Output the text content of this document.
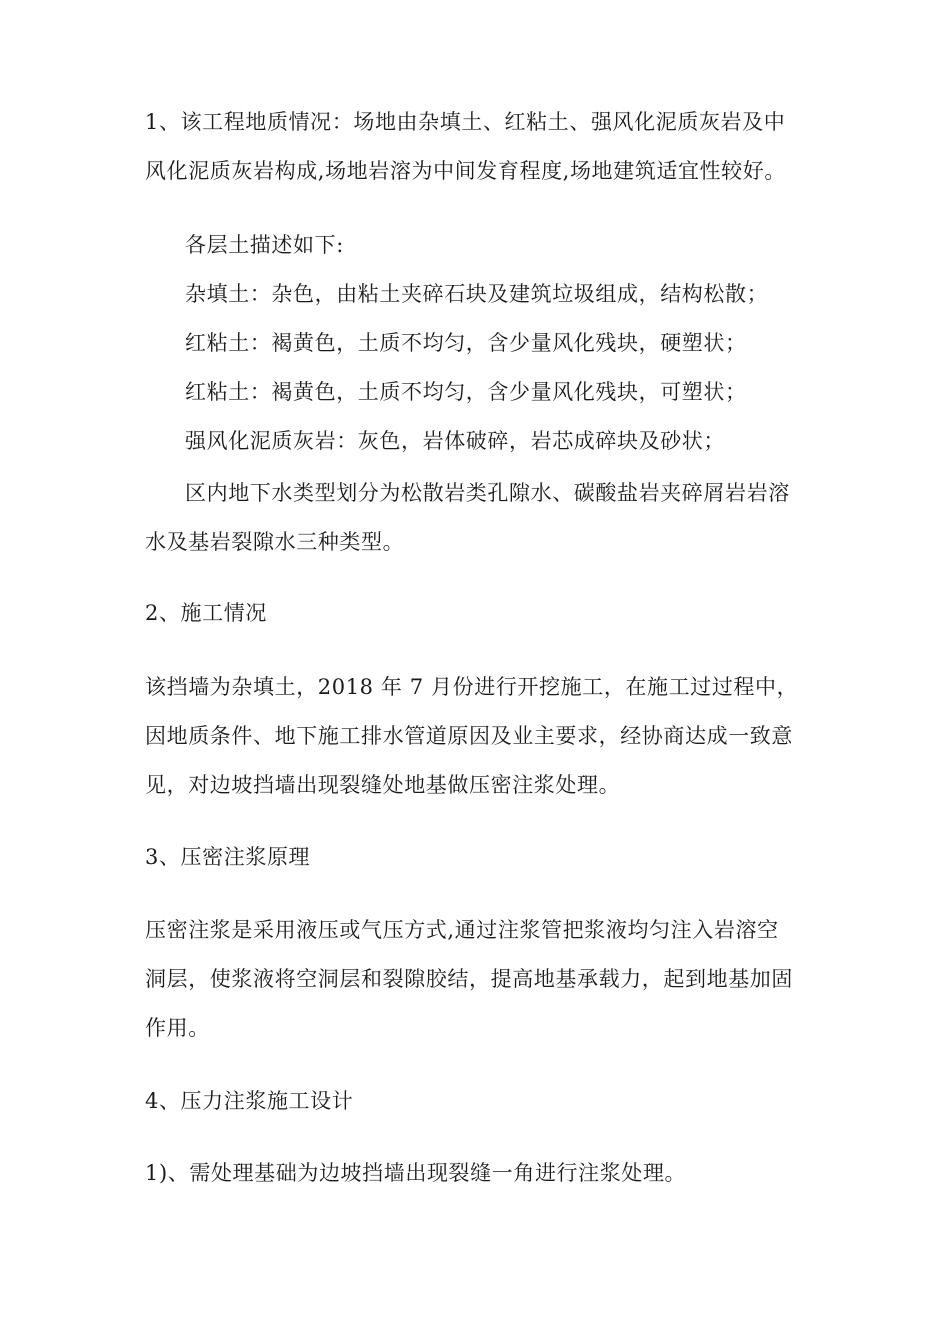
1、该工程地质情况：场地由杂填土、红粘土、强风化泥质灰岩及中
风化泥质灰岩构成,场地岩溶为中间发育程度,场地建筑适宜性较好。
各层土描述如下:
杂填土：杂色，由粘土夹碎石块及建筑垃圾组成，结构松散；
红粘土：褐黄色，土质不均匀，含少量风化残块，硬塑状；
红粘土：褐黄色，土质不均匀，含少量风化残块，可塑状；
强风化泥质灰岩：灰色，岩体破碎，岩芯成碎块及砂状；
区内地下水类型划分为松散岩类孔隙水、碳酸盐岩夹碎屑岩岩溶
水及基岩裂隙水三种类型。
2、施工情况
该挡墙为杂填土，2018 年 7 月份进行开挖施工，在施工过过程中，
因地质条件、地下施工排水管道原因及业主要求，经协商达成一致意
见，对边坡挡墙出现裂缝处地基做压密注浆处理。
3、压密注浆原理
压密注浆是采用液压或气压方式,通过注浆管把浆液均匀注入岩溶空
洞层，使浆液将空洞层和裂隙胶结，提高地基承载力，起到地基加固
作用。
4、压力注浆施工设计
1)、需处理基础为边坡挡墙出现裂缝一角进行注浆处理。
